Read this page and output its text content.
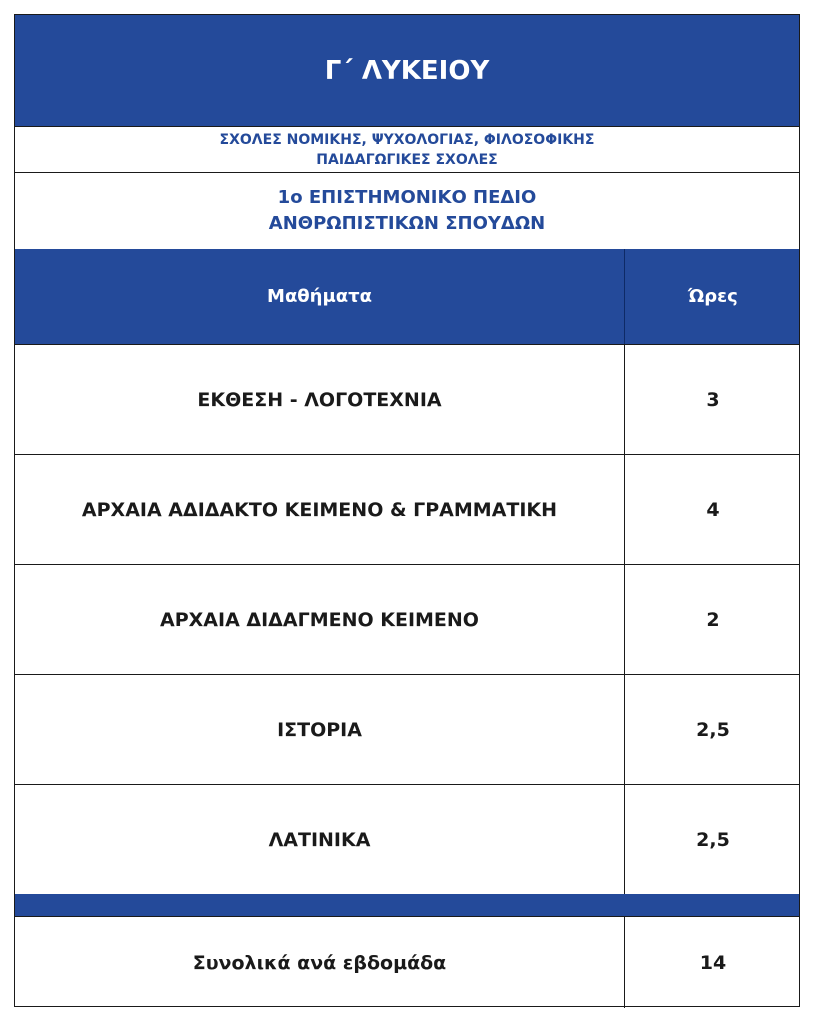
Γ΄ ΛΥΚΕΙΟΥ
ΣΧΟΛΕΣ ΝΟΜΙΚΗΣ, ΨΥΧΟΛΟΓΙΑΣ, ΦΙΛΟΣΟΦΙΚΗΣ
ΠΑΙΔΑΓΩΓΙΚΕΣ ΣΧΟΛΕΣ
1ο ΕΠΙΣΤΗΜΟΝΙΚΟ ΠΕΔΙΟ
ΑΝΘΡΩΠΙΣΤΙΚΩΝ ΣΠΟΥΔΩΝ
Μαθήματα	Ώρες
ΕΚΘΕΣΗ - ΛΟΓΟΤΕΧΝΙΑ	3
ΑΡΧΑΙΑ ΑΔΙΔΑΚΤΟ ΚΕΙΜΕΝΟ & ΓΡΑΜΜΑΤΙΚΗ	4
ΑΡΧΑΙΑ ΔΙΔΑΓΜΕΝΟ ΚΕΙΜΕΝΟ	2
ΙΣΤΟΡΙΑ	2,5
ΛΑΤΙΝΙΚΑ	2,5
Συνολικά ανά εβδομάδα	14
